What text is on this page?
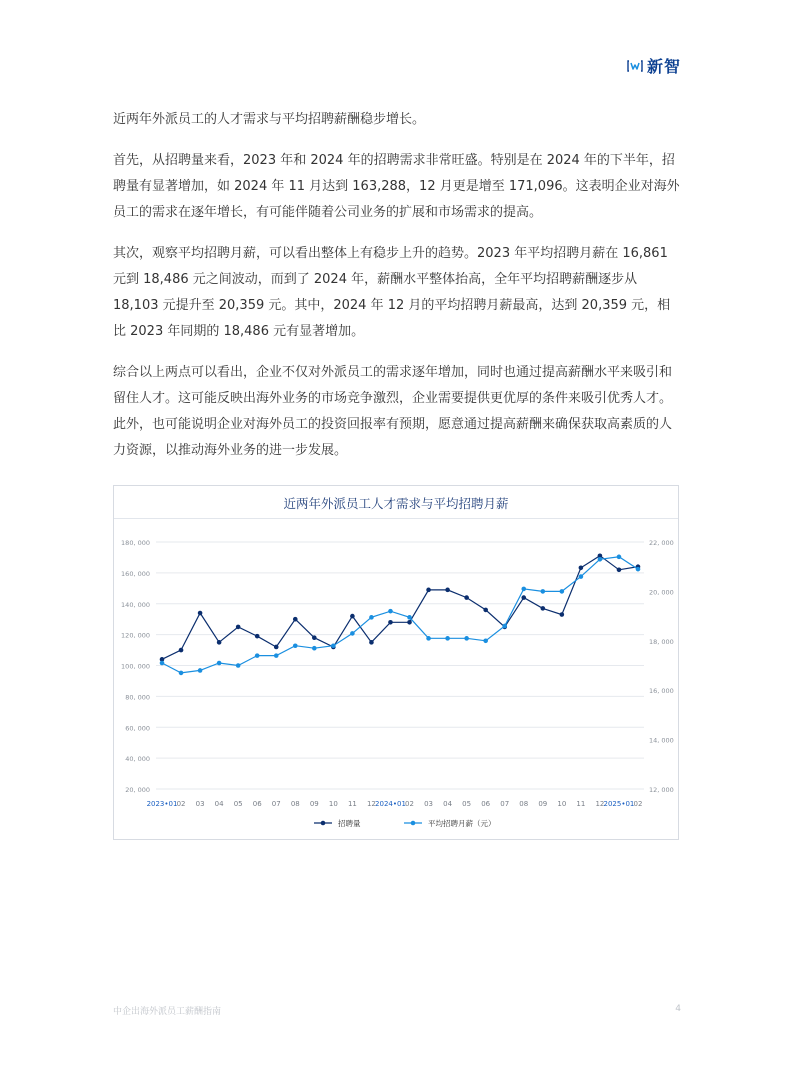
新智

近两年外派员工的人才需求与平均招聘薪酬稳步增长。

首先，从招聘量来看，2023 年和 2024 年的招聘需求非常旺盛。特别是在 2024 年的下半年，招聘量有显著增加，如 2024 年 11 月达到 163,288，12 月更是增至 171,096。这表明企业对海外员工的需求在逐年增长，有可能伴随着公司业务的扩展和市场需求的提高。

其次，观察平均招聘月薪，可以看出整体上有稳步上升的趋势。2023 年平均招聘月薪在 16,861 元到 18,486 元之间波动，而到了 2024 年，薪酬水平整体抬高，全年平均招聘薪酬逐步从 18,103 元提升至 20,359 元。其中，2024 年 12 月的平均招聘月薪最高，达到 20,359 元，相比 2023 年同期的 18,486 元有显著增加。

综合以上两点可以看出，企业不仅对外派员工的需求逐年增加，同时也通过提高薪酬水平来吸引和留住人才。这可能反映出海外业务的市场竞争激烈，企业需要提供更优厚的条件来吸引优秀人才。此外，也可能说明企业对海外员工的投资回报率有预期，愿意通过提高薪酬来确保获取高素质的人力资源，以推动海外业务的进一步发展。

近两年外派员工人才需求与平均招聘月薪
180, 000
160, 000
140, 000
120, 000
100, 000
80, 000
60, 000
40, 000
20, 000
22, 000
20, 000
18, 000
16, 000
14, 000
12, 000
2023•01 02 03 04 05 06 07 08 09 10 11 12 2024•01 02 03 04 05 06 07 08 09 10 11 12 2025•01 02
招聘量	平均招聘月薪（元）
中企出海外派员工薪酬指南	4
